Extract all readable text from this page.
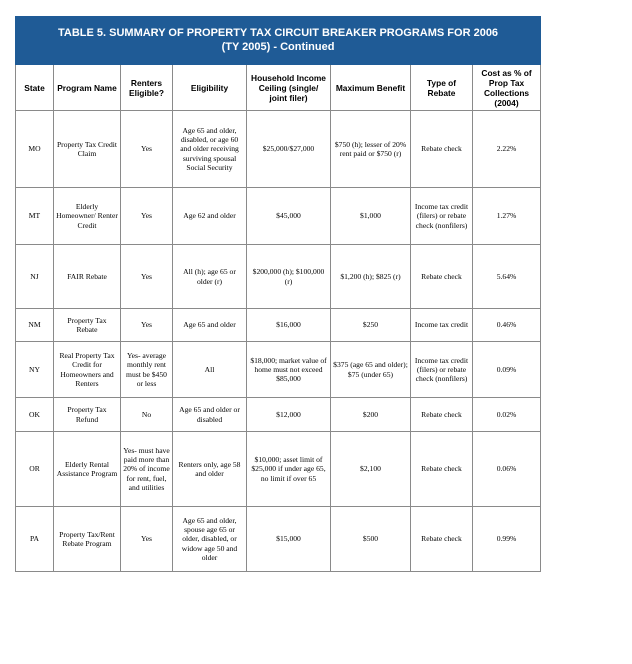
TABLE 5. SUMMARY OF PROPERTY TAX CIRCUIT BREAKER PROGRAMS FOR 2006
(TY 2005) - Continued							

State	Program Name	Renters Eligible?	Eligibility	Household Income Ceiling (single/ joint filer)	Maximum Benefit	Type of Rebate	Cost as % of Prop Tax Collections (2004)
MO	Property Tax Credit Claim	Yes	Age 65 and older, disabled, or age 60 and older receiving surviving spousal Social Security	$25,000/$27,000	$750 (h); lesser of 20% rent paid or $750 (r)	Rebate check	2.22%
MT	Elderly Homeowner/ Renter Credit	Yes	Age 62 and older	$45,000	$1,000	Income tax credit (filers) or rebate check (nonfilers)	1.27%
NJ	FAIR Rebate	Yes	All (h); age 65 or older (r)	$200,000 (h); $100,000 (r)	$1,200 (h); $825 (r)	Rebate check	5.64%
NM	Property Tax Rebate	Yes	Age 65 and older	$16,000	$250	Income tax credit	0.46%
NY	Real Property Tax Credit for Homeowners and Renters	Yes- average monthly rent must be $450 or less	All	$18,000; market value of home must not exceed $85,000	$375 (age 65 and older); $75 (under 65)	Income tax credit (filers) or rebate check (nonfilers)	0.09%
OK	Property Tax Refund	No	Age 65 and older or disabled	$12,000	$200	Rebate check	0.02%
OR	Elderly Rental Assistance Program	Yes- must have paid more than 20% of income for rent, fuel, and utilities	Renters only, age 58 and older	$10,000; asset limit of $25,000 if under age 65, no limit if over 65	$2,100	Rebate check	0.06%
PA	Property Tax/Rent Rebate Program	Yes	Age 65 and older, spouse age 65 or older, disabled, or widow age 50 and older	$15,000	$500	Rebate check	0.99%
